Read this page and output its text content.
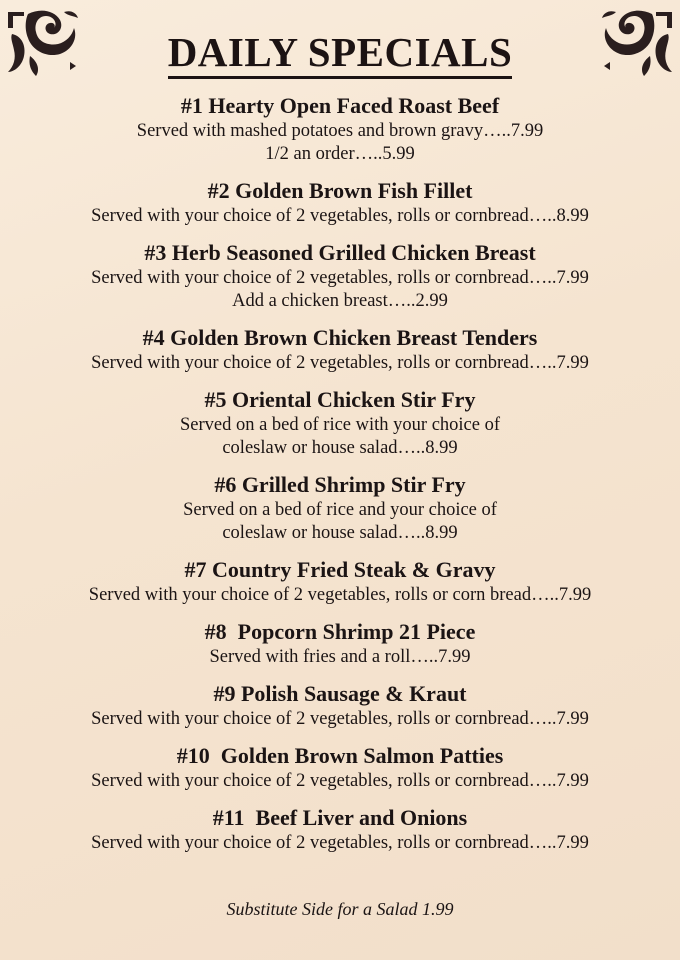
DAILY SPECIALS
#1 Hearty Open Faced Roast Beef
Served with mashed potatoes and brown gravy…..7.99
1/2 an order…..5.99
#2 Golden Brown Fish Fillet
Served with your choice of 2 vegetables, rolls or cornbread…..8.99
#3 Herb Seasoned Grilled Chicken Breast
Served with your choice of 2 vegetables, rolls or cornbread…..7.99
Add a chicken breast…..2.99
#4 Golden Brown Chicken Breast Tenders
Served with your choice of 2 vegetables, rolls or cornbread…..7.99
#5 Oriental Chicken Stir Fry
Served on a bed of rice with your choice of
coleslaw or house salad…..8.99
#6 Grilled Shrimp Stir Fry
Served on a bed of rice and your choice of
coleslaw or house salad…..8.99
#7 Country Fried Steak & Gravy
Served with your choice of 2 vegetables, rolls or corn bread…..7.99
#8  Popcorn Shrimp 21 Piece
Served with fries and a roll…..7.99
#9 Polish Sausage & Kraut
Served with your choice of 2 vegetables, rolls or cornbread…..7.99
#10  Golden Brown Salmon Patties
Served with your choice of 2 vegetables, rolls or cornbread…..7.99
#11  Beef Liver and Onions
Served with your choice of 2 vegetables, rolls or cornbread…..7.99
Substitute Side for a Salad 1.99
